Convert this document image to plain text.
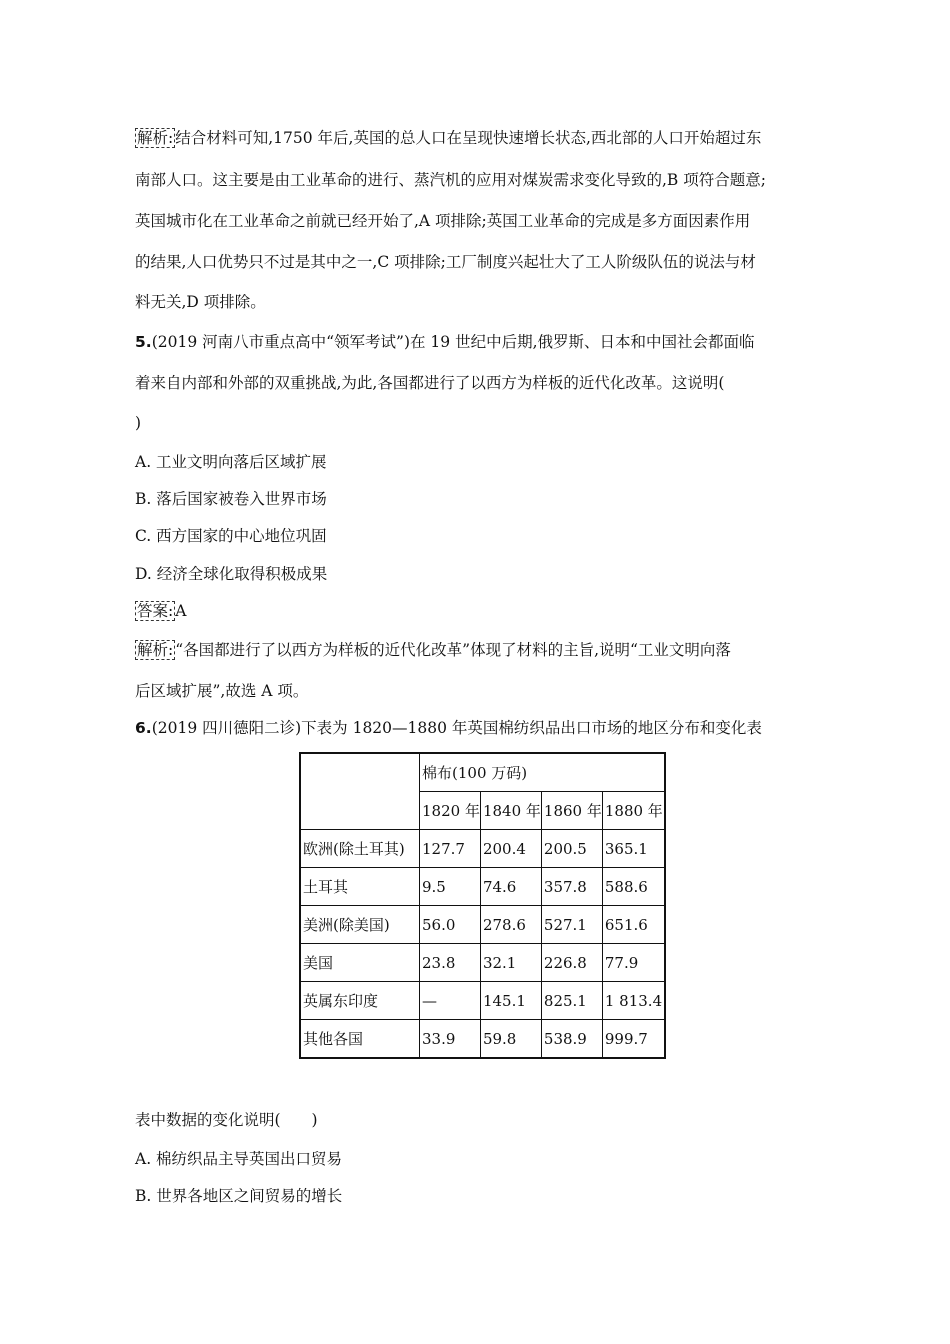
解析: 结合材料可知,1750 年后,英国的总人口在呈现快速增长状态,西北部的人口开始超过东
南部人口。这主要是由工业革命的进行、蒸汽机的应用对煤炭需求变化导致的,B 项符合题意;
英国城市化在工业革命之前就已经开始了,A 项排除;英国工业革命的完成是多方面因素作用
的结果,人口优势只不过是其中之一,C 项排除;工厂制度兴起壮大了工人阶级队伍的说法与材
料无关,D 项排除。
5.(2019 河南八市重点高中“领军考试”)在 19 世纪中后期,俄罗斯、日本和中国社会都面临
着来自内部和外部的双重挑战,为此,各国都进行了以西方为样板的近代化改革。这说明(
)
A. 工业文明向落后区域扩展
B. 落后国家被卷入世界市场
C. 西方国家的中心地位巩固
D. 经济全球化取得积极成果
答案: A
解析: “各国都进行了以西方为样板的近代化改革”体现了材料的主旨,说明“工业文明向落
后区域扩展”,故选 A 项。
6.(2019 四川德阳二诊)下表为 1820—1880 年英国棉纺织品出口市场的地区分布和变化表
	棉布(100 万码)			
	1820 年	1840 年	1860 年	1880 年
欧洲(除土耳其)	127.7	200.4	200.5	365.1
土耳其	9.5	74.6	357.8	588.6
美洲(除美国)	56.0	278.6	527.1	651.6
美国	23.8	32.1	226.8	77.9
英属东印度	—	145.1	825.1	1 813.4
其他各国	33.9	59.8	538.9	999.7
表中数据的变化说明(　　)
A. 棉纺织品主导英国出口贸易
B. 世界各地区之间贸易的增长
